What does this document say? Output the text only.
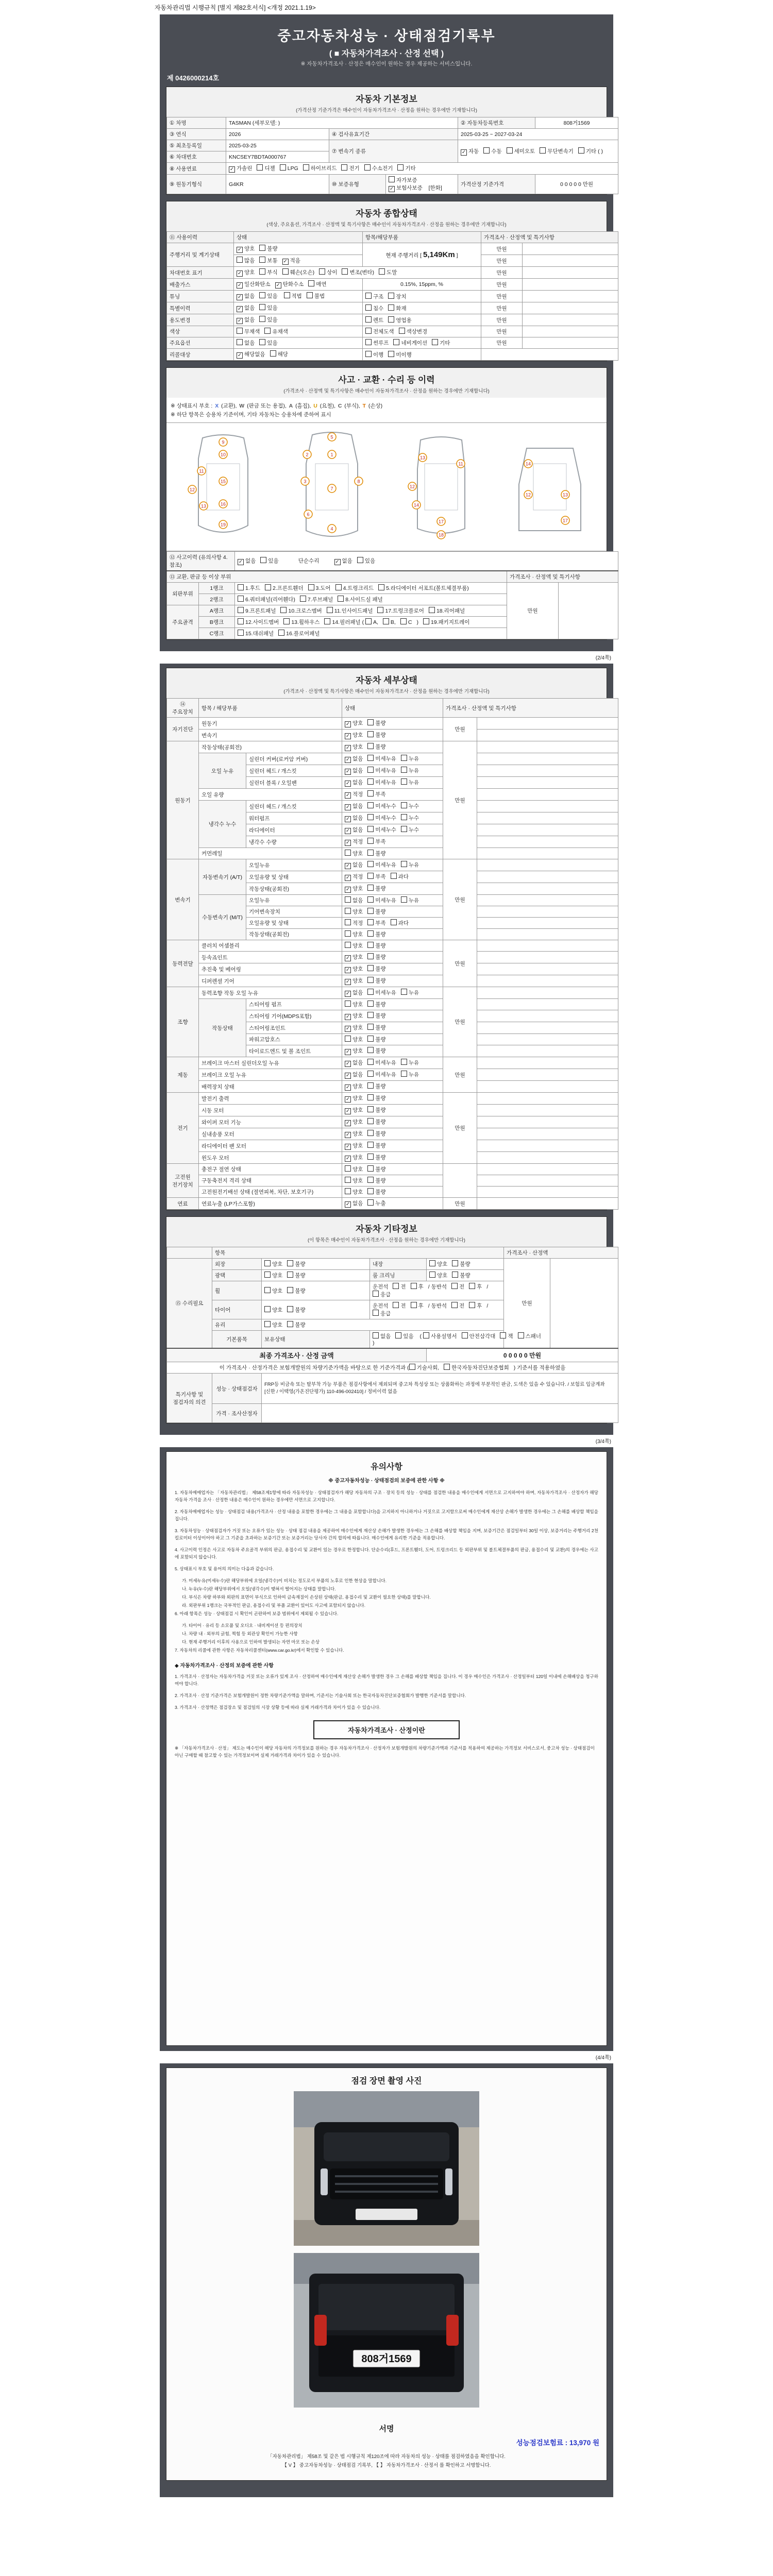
자동차관리법 시행규칙 [별지 제82호서식] <개정 2021.1.19>
중고자동차성능 · 상태점검기록부
( ■ 자동차가격조사 · 산정 선택 )
※ 자동차가격조사 · 산정은 매수인이 원하는 경우 제공하는 서비스입니다.
제 0426000214호
자동차 기본정보
(가격산정 기준가격은 매수인이 자동차가격조사 · 산정을 원하는 경우에만 기재합니다)
① 차명	TASMAN (세부모델: )			② 자동차등록번호	808거1569
③ 연식	2026	④ 검사유효기간		2025-03-25 ~ 2027-03-24	
⑤ 최초등록일	2025-03-25	⑦ 변속기 종류		✓ 자동 수동 세미오토 무단변속기 기타 ( )	
⑥ 차대번호	KNCSEY7BDTA000767				
⑧ 사용연료	✓ 가솔린 디젤 LPG 하이브리드 전기 수소전기 기타				
⑨ 원동기형식	G4KR	⑩ 보증유형	자가보증✓ 보험사보증 [한화]	가격산정 기준가격	0 0 0 0 0 만원
자동차 종합상태
(색상, 주요옵션, 가격조사 · 산정액 및 특기사항은 매수인이 자동차가격조사 · 산정을 원하는 경우에만 기재합니다)
⑪ 사용이력	상태	항목/해당부품	가격조사 · 산정액 및 특기사항	
주행거리 및 계기상태	✓ 양호 불량	현재 주행거리 [ 5,149Km ]	만원	
	많음 보통 ✓ 적음		만원	
차대번호 표기	✓ 양호 부식 훼손(오손) 상이 변조(변타) 도말		만원	
배출가스	✓ 일산화탄소 ✓ 탄화수소 매연	0.15%, 15ppm, %	만원	
튜닝	✓ 없음 있음 적법 불법	구조 장치	만원	
특별이력	✓ 없음 있음	침수 화재	만원	
용도변경	✓ 없음 있음	렌트 영업용	만원	
색상	무채색 유채색	전체도색 색상변경	만원	
주요옵션	없음 있음	썬루프 네비게이션 기타	만원	
리콜대상	✓ 해당없음 해당	이행 미이행		
사고 · 교환 · 수리 등 이력
(가격조사 · 산정액 및 특기사항은 매수인이 자동차가격조사 · 산정을 원하는 경우에만 기재합니다)
※ 상태표시 부호 : X (교환), W (판금 또는 용접), A (흠집), U (요철), C (부식), T (손상)
※ 하단 항목은 승용차 기준이며, 기타 자동차는 승용차에 준하여 표시
9
10
11
15
12
13	16
19
5
1
2
3
7
8
6
4
13
11
12
14
17
18
14
12	13
17
⑫ 사고이력 (유의사항 4.참조)		✓ 없음 있음          단순수리          ✓ 없음 있음		
⑬ 교환, 판금 등 이상 부위			가격조사 · 산정액 및 특기사항	
외판부위	1랭크	1.후드 2.프론트휀더 3.도어 4.트렁크리드 5.라디에이터 서포트(볼트체결부품)	만원	
	2랭크	6.쿼터패널(리어휀다) 7.루브패널 8.사이드실 패널		
주요골격	A랭크	9.프론트패널 10.크로스멤버 11.인사이드패널 17.트렁크플로어 18.리어패널		
	B랭크	12.사이드멤버 13.휠하우스 14.필러패널 ( A, B, C ) 19.패키지트레이		
	C랭크	15.대쉬패널 16.플로어패널		
(2/4쪽)
자동차 세부상태
(가격조사 · 산정액 및 특기사항은 매수인이 자동차가격조사 · 산정을 원하는 경우에만 기재합니다)
⑭ 주요장치	항목 / 해당부품		상태	가격조사 · 산정액 및 특기사항	
자기진단	원동기		✓ 양호 불량	만원	
	변속기		✓ 양호 불량		
원동기	작동상태(공회전)		✓ 양호 불량	만원	
	오일 누유	실린더 커버(로커암 커버)	✓ 없음 미세누유 누유		
		실린더 헤드 / 개스킷	✓ 없음 미세누유 누유		
		실린더 블록 / 오일팬	✓ 없음 미세누유 누유		
	오일 유량		✓ 적정 부족		
	냉각수 누수	실린더 헤드 / 개스킷	✓ 없음 미세누수 누수		
		워터펌프	✓ 없음 미세누수 누수		
		라디에이터	✓ 없음 미세누수 누수		
		냉각수 수량	✓ 적정 부족		
	커먼레일		양호 불량		
변속기	자동변속기 (A/T)	오일누유	✓ 없음 미세누유 누유	만원	
		오일유량 및 상태	✓ 적정 부족 과다		
		작동상태(공회전)	✓ 양호 불량		
	수동변속기 (M/T)	오일누유	없음 미세누유 누유		
		기어변속장치	양호 불량		
		오일유량 및 상태	적정 부족 과다		
		작동상태(공회전)	양호 불량		
동력전달	클러치 어셈블리		양호 불량	만원	
	등속죠인트		✓ 양호 불량		
	추진축 및 베어링		✓ 양호 불량		
	디퍼렌셜 기어		✓ 양호 불량		
조향	동력조향 작동 오일 누유		✓ 없음 미세누유 누유	만원	
	작동상태	스티어링 펌프	양호 불량		
		스티어링 기어(MDPS포함)	✓ 양호 불량		
		스티어링조인트	✓ 양호 불량		
		파워고압호스	양호 불량		
		타이로드엔드 및 볼 조인트	✓ 양호 불량		
제동	브레이크 마스터 실린더오일 누유		✓ 없음 미세누유 누유	만원	
	브레이크 오일 누유		✓ 없음 미세누유 누유		
	배력장치 상태		✓ 양호 불량		
전기	발전기 출력		✓ 양호 불량	만원	
	시동 모터		✓ 양호 불량		
	와이퍼 모터 기능		✓ 양호 불량		
	실내송풍 모터		✓ 양호 불량		
	라디에이터 팬 모터		✓ 양호 불량		
	윈도우 모터		✓ 양호 불량		
고전원 전기장치	충전구 절연 상태		양호 불량		
	구동축전지 격리 상태		양호 불량		
	고전원전기배선 상태 (절연피복, 차단, 보호기구)		양호 불량		
연료	연료누출 (LP가스포함)		✓ 없음 누출	만원	
자동차 기타정보
(이 항목은 매수인이 자동차가격조사 · 산정을 원하는 경우에만 기재합니다)
	항목				가격조사 · 산정액	
⑮ 수리필요	외장	양호 불량	내장	양호 불량	만원	
	광택	양호 불량	룸 크리닝	양호 불량		
	휠	양호 불량	운전석 전 후 / 동반석 전 후 /응급			
	타이어	양호 불량	운전석 전 후 / 동반석 전 후 /응급			
	유리	양호 불량				
	기본품목	보유상태	없음 있음 ( 사용설명서 안전삼각대 잭 스패너)			
최종 가격조사 · 산정 금액				0 0 0 0 0 만원		
이 가격조사 · 산정가격은 보험개발원의 차량기준가액을 바탕으로 한 기준가격과 ( 기술사회, 한국자동차진단보증협회 ) 기준서를 적용하였음						
특기사항 및 점검자의 의견	성능 · 상태점검자	FRP등 비금속 또는 탈부착 가능 부품은 점검사항에서 제외되며 중고차 특성상 또는 상품화하는 과정에 부분적인 판금, 도색은 있을 수 있습니다. / 보험료 입금계좌 [신한 / 이택영(가온진단평가) 110-496-002410] / 정비이력 없음				
	가격 · 조사산정자					
(3/4쪽)
유의사항
※ 중고자동차성능 · 상태점검의 보증에 관한 사항 ※
1. 자동차매매업자는 「자동차관리법」 제58조제1항에 따라 자동차성능 · 상태점검자가 해당 자동차의 구조 · 장치 등의 성능 · 상태를 점검한 내용을 매수인에게 서면으로 고지하여야 하며, 자동차가격조사 · 산정자가 해당 자동차 가격을 조사 · 산정한 내용은 매수인이 원하는 경우에만 서면으로 고지합니다.
2. 자동차매매업자는 성능 · 상태점검 내용(가격조사 · 산정 내용을 포함한 경우에는 그 내용을 포함합니다)을 고지하지 아니하거나 거짓으로 고지함으로써 매수인에게 재산상 손해가 발생한 경우에는 그 손해를 배상할 책임을 집니다.
3. 자동차성능 · 상태점검자가 거짓 또는 오류가 있는 성능 · 상태 점검 내용을 제공하여 매수인에게 재산상 손해가 발생한 경우에는 그 손해를 배상할 책임을 지며, 보증기간은 점검일부터 30일 이상, 보증거리는 주행거리 2천킬로미터 이상이어야 하고 그 기준을 초과하는 보증기간 또는 보증거리는 당사자 간의 합의에 따릅니다. 매수인에게 유리한 기준을 적용합니다.
4. 사고이력 인정은 사고로 자동차 주요골격 부위의 판금, 용접수리 및 교환이 있는 경우로 한정합니다. 단순수리(후드, 프론트휀더, 도어, 트렁크리드 등 외판부위 및 볼트체결부품의 판금, 용접수리 및 교환)의 경우에는 사고에 포함되지 않습니다.
5. 상태표시 부호 및 용어의 의미는 다음과 같습니다.
가. 미세누유(미세누수)란 해당부위에 오일(냉각수)이 비치는 정도로서 부품의 노후로 인한 현상을 말합니다.
나. 누유(누수)란 해당부위에서 오일(냉각수)이 맺혀서 떨어지는 상태를 말합니다.
다. 부식은 차량 하부와 외판의 표면이 부식으로 인하여 금속재질이 손상된 상태(판금, 용접수리 및 교환이 필요한 상태)를 말합니다.
라. 외판부위 1랭크는 국부적인 판금, 용접수리 및 부품 교환이 있어도 사고에 포함되지 않습니다.
6. 아래 항목은 성능 · 상태점검 시 확인이 곤란하여 보증 범위에서 제외될 수 있습니다.
가. 타이어 · 유리 등 소모품 및 오디오 · 내비게이션 등 편의장치
나. 차량 내 · 외부의 긁힘, 찍힘 등 외관상 확인이 가능한 사항
다. 현재 주행거리 이후의 사용으로 인하여 발생되는 자연 마모 또는 손상
7. 자동차의 리콜에 관한 사항은 자동차리콜센터(www.car.go.kr)에서 확인할 수 있습니다.
◆ 자동차가격조사 · 산정의 보증에 관한 사항
1. 가격조사 · 산정자는 자동차가격을 거짓 또는 오류가 있게 조사 · 산정하여 매수인에게 재산상 손해가 발생한 경우 그 손해를 배상할 책임을 집니다. 이 경우 매수인은 가격조사 · 산정일부터 120일 이내에 손해배상을 청구하여야 합니다.
2. 가격조사 · 산정 기준가격은 보험개발원이 정한 차량기준가액을 말하며, 기준서는 기술사회 또는 한국자동차진단보증협회가 발행한 기준서를 말합니다.
3. 가격조사 · 산정액은 점검장소 및 점검일의 시장 상황 등에 따라 실제 거래가격과 차이가 있을 수 있습니다.
자동차가격조사 · 산정이란
※ 「자동차가격조사 · 산정」 제도는 매수인이 해당 자동차의 가격정보를 원하는 경우 자동차가격조사 · 산정자가 보험개발원의 차량기준가액과 기준서를 적용하여 제공하는 가격정보 서비스로서, 중고차 성능 · 상태점검이 아닌 구매할 때 참고할 수 있는 가격정보이며 실제 거래가격과 차이가 있을 수 있습니다.
(4/4쪽)
점검 장면 촬영 사진
808거1569
서명
성능점검보험료 : 13,970 원
「자동차관리법」 제58조 및 같은 법 시행규칙 제120조에 따라 자동차의 성능 · 상태를 점검하였음을 확인합니다.
【 V 】 중고자동차성능 · 상태점검 기록부, 【 】 자동차가격조사 · 산정서 를 확인하고 서명합니다.
